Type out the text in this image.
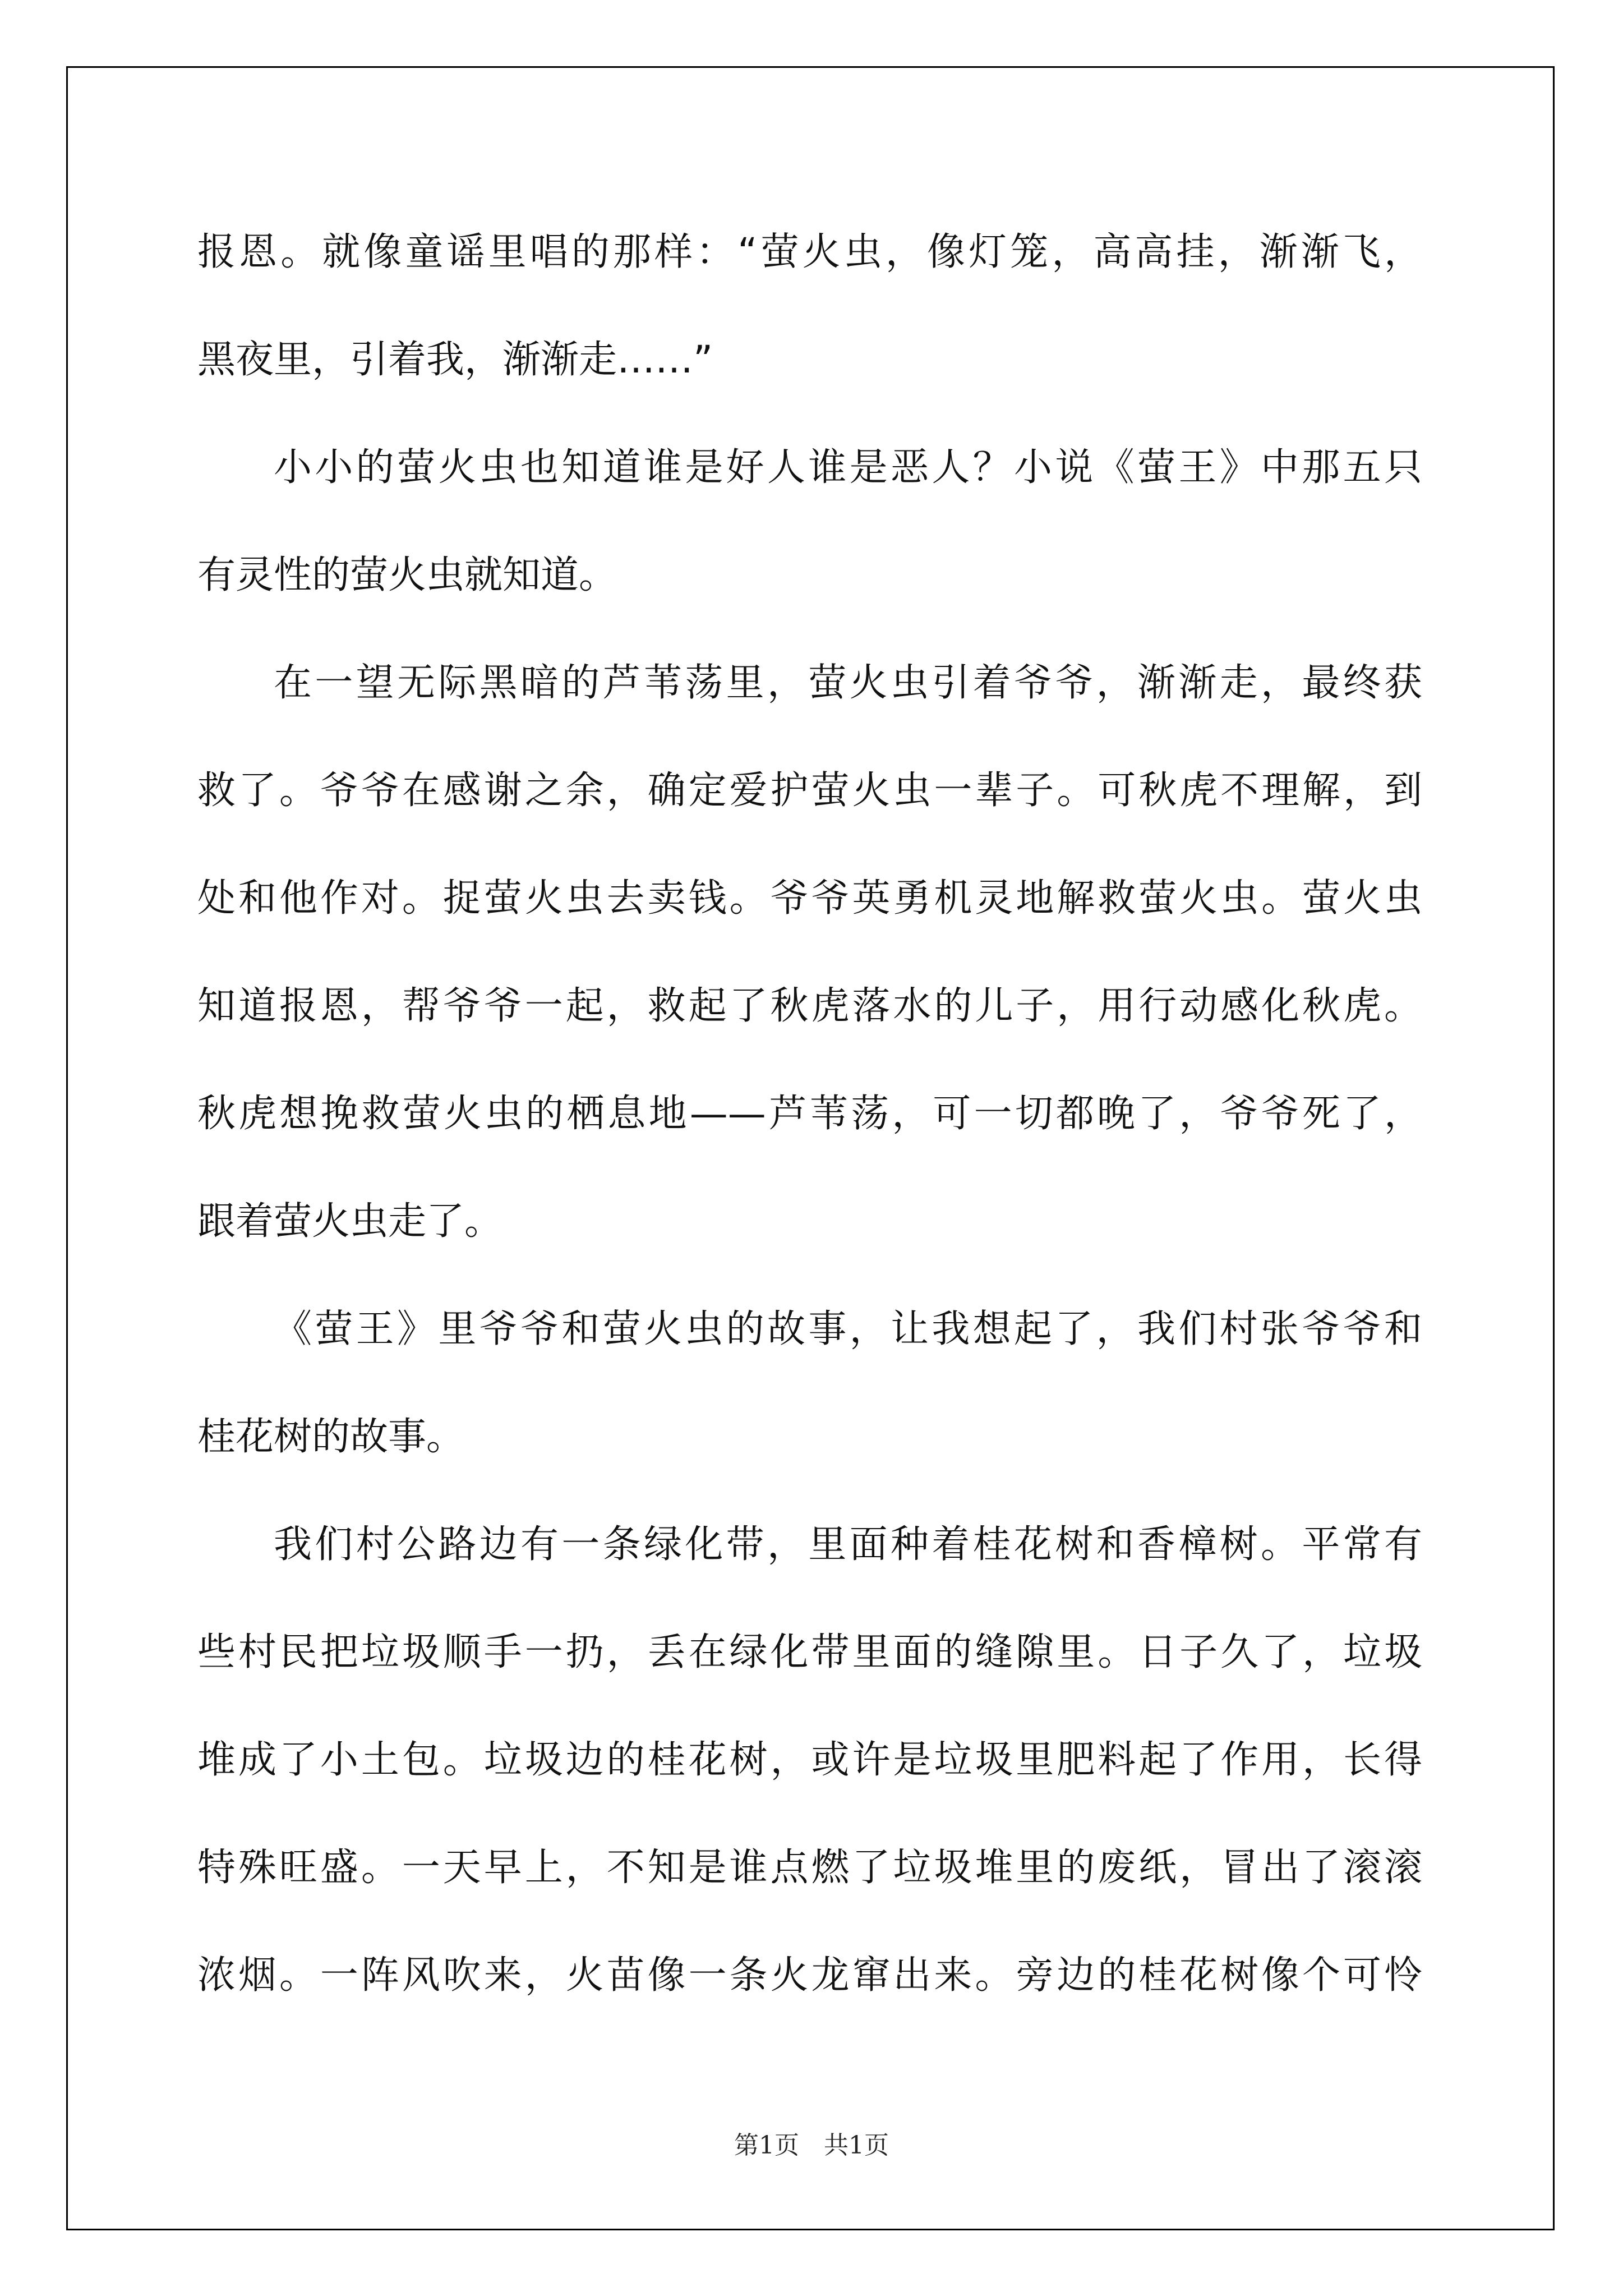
报恩。就像童谣里唱的那样：“萤火虫，像灯笼，高高挂，渐渐飞，
黑夜里，引着我，渐渐走……”
小小的萤火虫也知道谁是好人谁是恶人？小说《萤王》中那五只
有灵性的萤火虫就知道。
在一望无际黑暗的芦苇荡里，萤火虫引着爷爷，渐渐走，最终获
救了。爷爷在感谢之余，确定爱护萤火虫一辈子。可秋虎不理解，到
处和他作对。捉萤火虫去卖钱。爷爷英勇机灵地解救萤火虫。萤火虫
知道报恩，帮爷爷一起，救起了秋虎落水的儿子，用行动感化秋虎。
秋虎想挽救萤火虫的栖息地——芦苇荡，可一切都晚了，爷爷死了，
跟着萤火虫走了。
《萤王》里爷爷和萤火虫的故事，让我想起了，我们村张爷爷和
桂花树的故事。
我们村公路边有一条绿化带，里面种着桂花树和香樟树。平常有
些村民把垃圾顺手一扔，丢在绿化带里面的缝隙里。日子久了，垃圾
堆成了小土包。垃圾边的桂花树，或许是垃圾里肥料起了作用，长得
特殊旺盛。一天早上，不知是谁点燃了垃圾堆里的废纸，冒出了滚滚
浓烟。一阵风吹来，火苗像一条火龙窜出来。旁边的桂花树像个可怜
第1页　共1页
